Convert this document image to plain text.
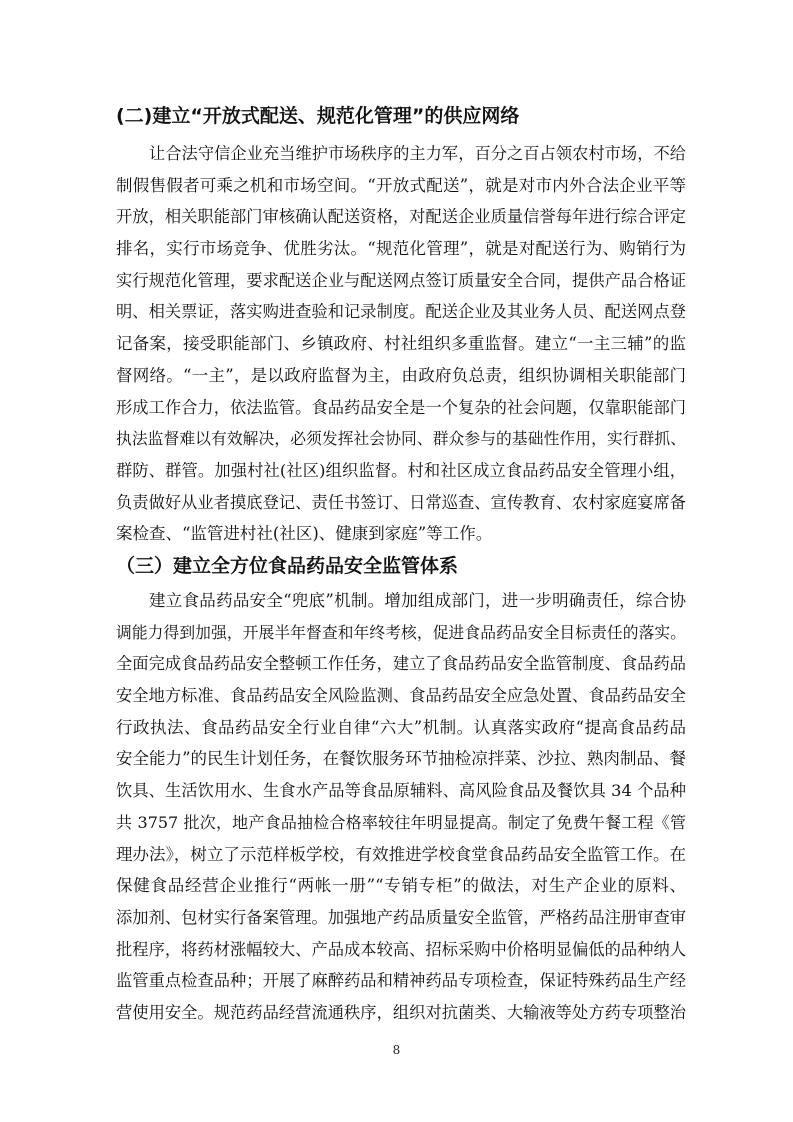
(二)建立“开放式配送、规范化管理”的供应网络
让合法守信企业充当维护市场秩序的主力军，百分之百占领农村市场，不给
制假售假者可乘之机和市场空间。“开放式配送”，就是对市内外合法企业平等
开放，相关职能部门审核确认配送资格，对配送企业质量信誉每年进行综合评定
排名，实行市场竞争、优胜劣汰。“规范化管理”，就是对配送行为、购销行为
实行规范化管理，要求配送企业与配送网点签订质量安全合同，提供产品合格证
明、相关票证，落实购进查验和记录制度。配送企业及其业务人员、配送网点登
记备案，接受职能部门、乡镇政府、村社组织多重监督。建立“一主三辅”的监
督网络。“一主”，是以政府监督为主，由政府负总责，组织协调相关职能部门
形成工作合力，依法监管。食品药品安全是一个复杂的社会问题，仅靠职能部门
执法监督难以有效解决，必须发挥社会协同、群众参与的基础性作用，实行群抓、
群防、群管。加强村社(社区)组织监督。村和社区成立食品药品安全管理小组，
负责做好从业者摸底登记、责任书签订、日常巡查、宣传教育、农村家庭宴席备
案检查、“监管进村社(社区)、健康到家庭”等工作。
（三）建立全方位食品药品安全监管体系
建立食品药品安全“兜底”机制。增加组成部门，进一步明确责任，综合协
调能力得到加强，开展半年督查和年终考核，促进食品药品安全目标责任的落实。
全面完成食品药品安全整顿工作任务，建立了食品药品安全监管制度、食品药品
安全地方标准、食品药品安全风险监测、食品药品安全应急处置、食品药品安全
行政执法、食品药品安全行业自律“六大”机制。认真落实政府“提高食品药品
安全能力”的民生计划任务，在餐饮服务环节抽检凉拌菜、沙拉、熟肉制品、餐
饮具、生活饮用水、生食水产品等食品原辅料、高风险食品及餐饮具 34 个品种
共 3757 批次，地产食品抽检合格率较往年明显提高。制定了免费午餐工程《管
理办法》，树立了示范样板学校，有效推进学校食堂食品药品安全监管工作。在
保健食品经营企业推行“两帐一册”“专销专柜”的做法，对生产企业的原料、
添加剂、包材实行备案管理。加强地产药品质量安全监管，严格药品注册审查审
批程序，将药材涨幅较大、产品成本较高、招标采购中价格明显偏低的品种纳人
监管重点检查品种；开展了麻醉药品和精神药品专项检查，保证特殊药品生产经
营使用安全。规范药品经营流通秩序，组织对抗菌类、大输液等处方药专项整治
8
